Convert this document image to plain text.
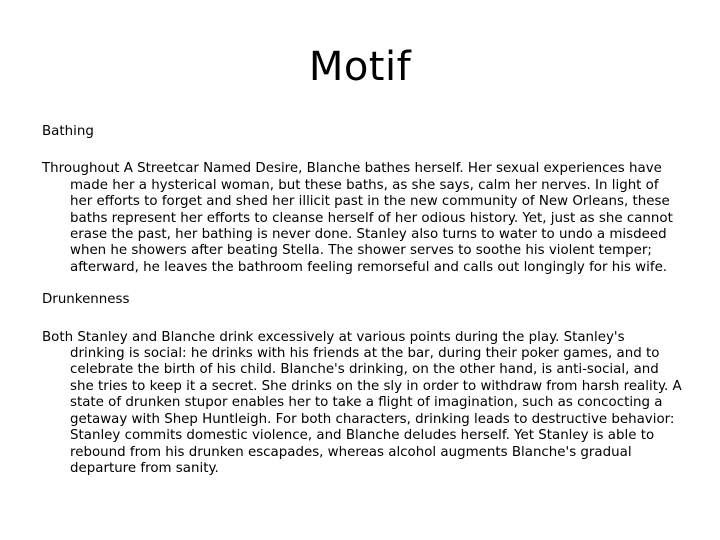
Motif
Bathing
Throughout A Streetcar Named Desire, Blanche bathes herself. Her sexual experiences have made her a hysterical woman, but these baths, as she says, calm her nerves. In light of her efforts to forget and shed her illicit past in the new community of New Orleans, these baths represent her efforts to cleanse herself of her odious history. Yet, just as she cannot erase the past, her bathing is never done. Stanley also turns to water to undo a misdeed when he showers after beating Stella. The shower serves to soothe his violent temper; afterward, he leaves the bathroom feeling remorseful and calls out longingly for his wife.
Drunkenness
Both Stanley and Blanche drink excessively at various points during the play. Stanley's drinking is social: he drinks with his friends at the bar, during their poker games, and to celebrate the birth of his child. Blanche's drinking, on the other hand, is anti-social, and she tries to keep it a secret. She drinks on the sly in order to withdraw from harsh reality. A state of drunken stupor enables her to take a flight of imagination, such as concocting a getaway with Shep Huntleigh. For both characters, drinking leads to destructive behavior: Stanley commits domestic violence, and Blanche deludes herself. Yet Stanley is able to rebound from his drunken escapades, whereas alcohol augments Blanche's gradual departure from sanity.
